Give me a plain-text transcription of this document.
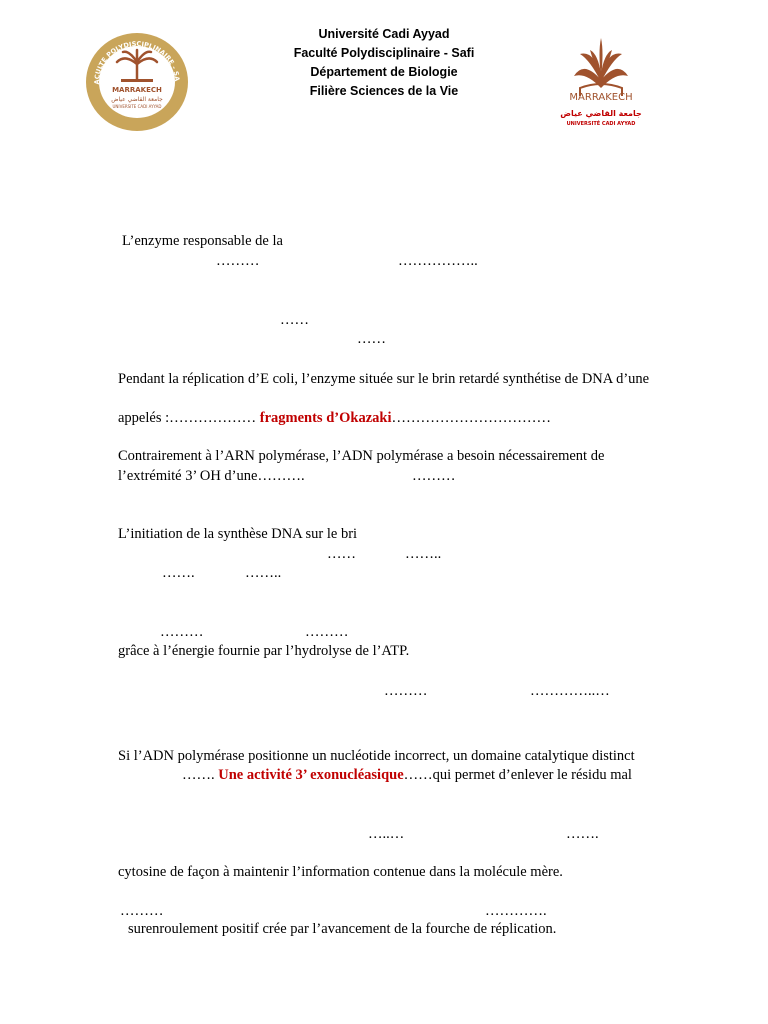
Université Cadi Ayyad
Faculté Polydisciplinaire - Safi
Département de Biologie
Filière Sciences de la Vie
MARRAKECH
جامعة القاضي عياض
UNIVERSITE CADI AYYAD
ACULTE POLYDISCIPLINAIRE - SA
MARRAKECH
جامعة القاضي عياض
UNIVERSITÉ CADI AYYAD
L’enzyme responsable de la
………	……………..
……
……
Pendant la réplication d’E coli, l’enzyme située sur le brin retardé synthétise de DNA d’une
appelés :……………… fragments d’Okazaki……………………………
Contrairement à l’ARN polymérase, l’ADN polymérase a besoin nécessairement de
l’extrémité 3’ OH d’une……….	………
L’initiation de la synthèse DNA sur le bri
……	……..
…….	……..
………	………
grâce à l’énergie fournie par l’hydrolyse de l’ATP.
………	…………..…
Si l’ADN polymérase positionne un nucléotide incorrect, un domaine catalytique distinct
……. Une activité 3’ exonucléasique……qui permet d’enlever le résidu mal
…..…	…….
cytosine de façon à maintenir l’information contenue dans la molécule mère.
………	………….
surenroulement positif crée par l’avancement de la fourche de réplication.
